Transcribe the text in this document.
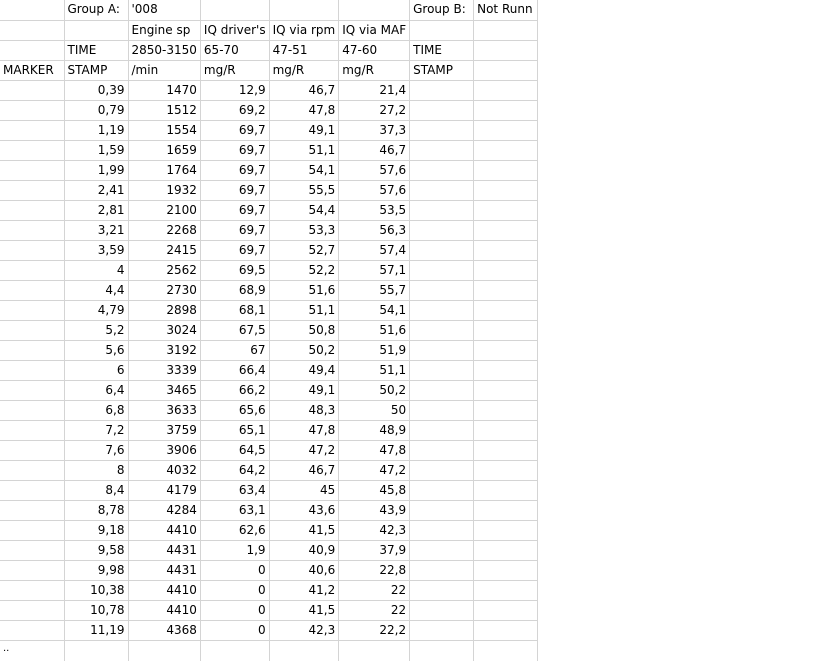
	Group A:	'008				Group B:	Not Runn
		Engine sp	IQ driver's	IQ via rpm	IQ via MAF		
	TIME	2850-3150	65-70	47-51	47-60	TIME	
MARKER	STAMP	/min	mg/R	mg/R	mg/R	STAMP	
	0,39	1470	12,9	46,7	21,4		
	0,79	1512	69,2	47,8	27,2		
	1,19	1554	69,7	49,1	37,3		
	1,59	1659	69,7	51,1	46,7		
	1,99	1764	69,7	54,1	57,6		
	2,41	1932	69,7	55,5	57,6		
	2,81	2100	69,7	54,4	53,5		
	3,21	2268	69,7	53,3	56,3		
	3,59	2415	69,7	52,7	57,4		
	4	2562	69,5	52,2	57,1		
	4,4	2730	68,9	51,6	55,7		
	4,79	2898	68,1	51,1	54,1		
	5,2	3024	67,5	50,8	51,6		
	5,6	3192	67	50,2	51,9		
	6	3339	66,4	49,4	51,1		
	6,4	3465	66,2	49,1	50,2		
	6,8	3633	65,6	48,3	50		
	7,2	3759	65,1	47,8	48,9		
	7,6	3906	64,5	47,2	47,8		
	8	4032	64,2	46,7	47,2		
	8,4	4179	63,4	45	45,8		
	8,78	4284	63,1	43,6	43,9		
	9,18	4410	62,6	41,5	42,3		
	9,58	4431	1,9	40,9	37,9		
	9,98	4431	0	40,6	22,8		
	10,38	4410	0	41,2	22		
	10,78	4410	0	41,5	22		
	11,19	4368	0	42,3	22,2		

..
